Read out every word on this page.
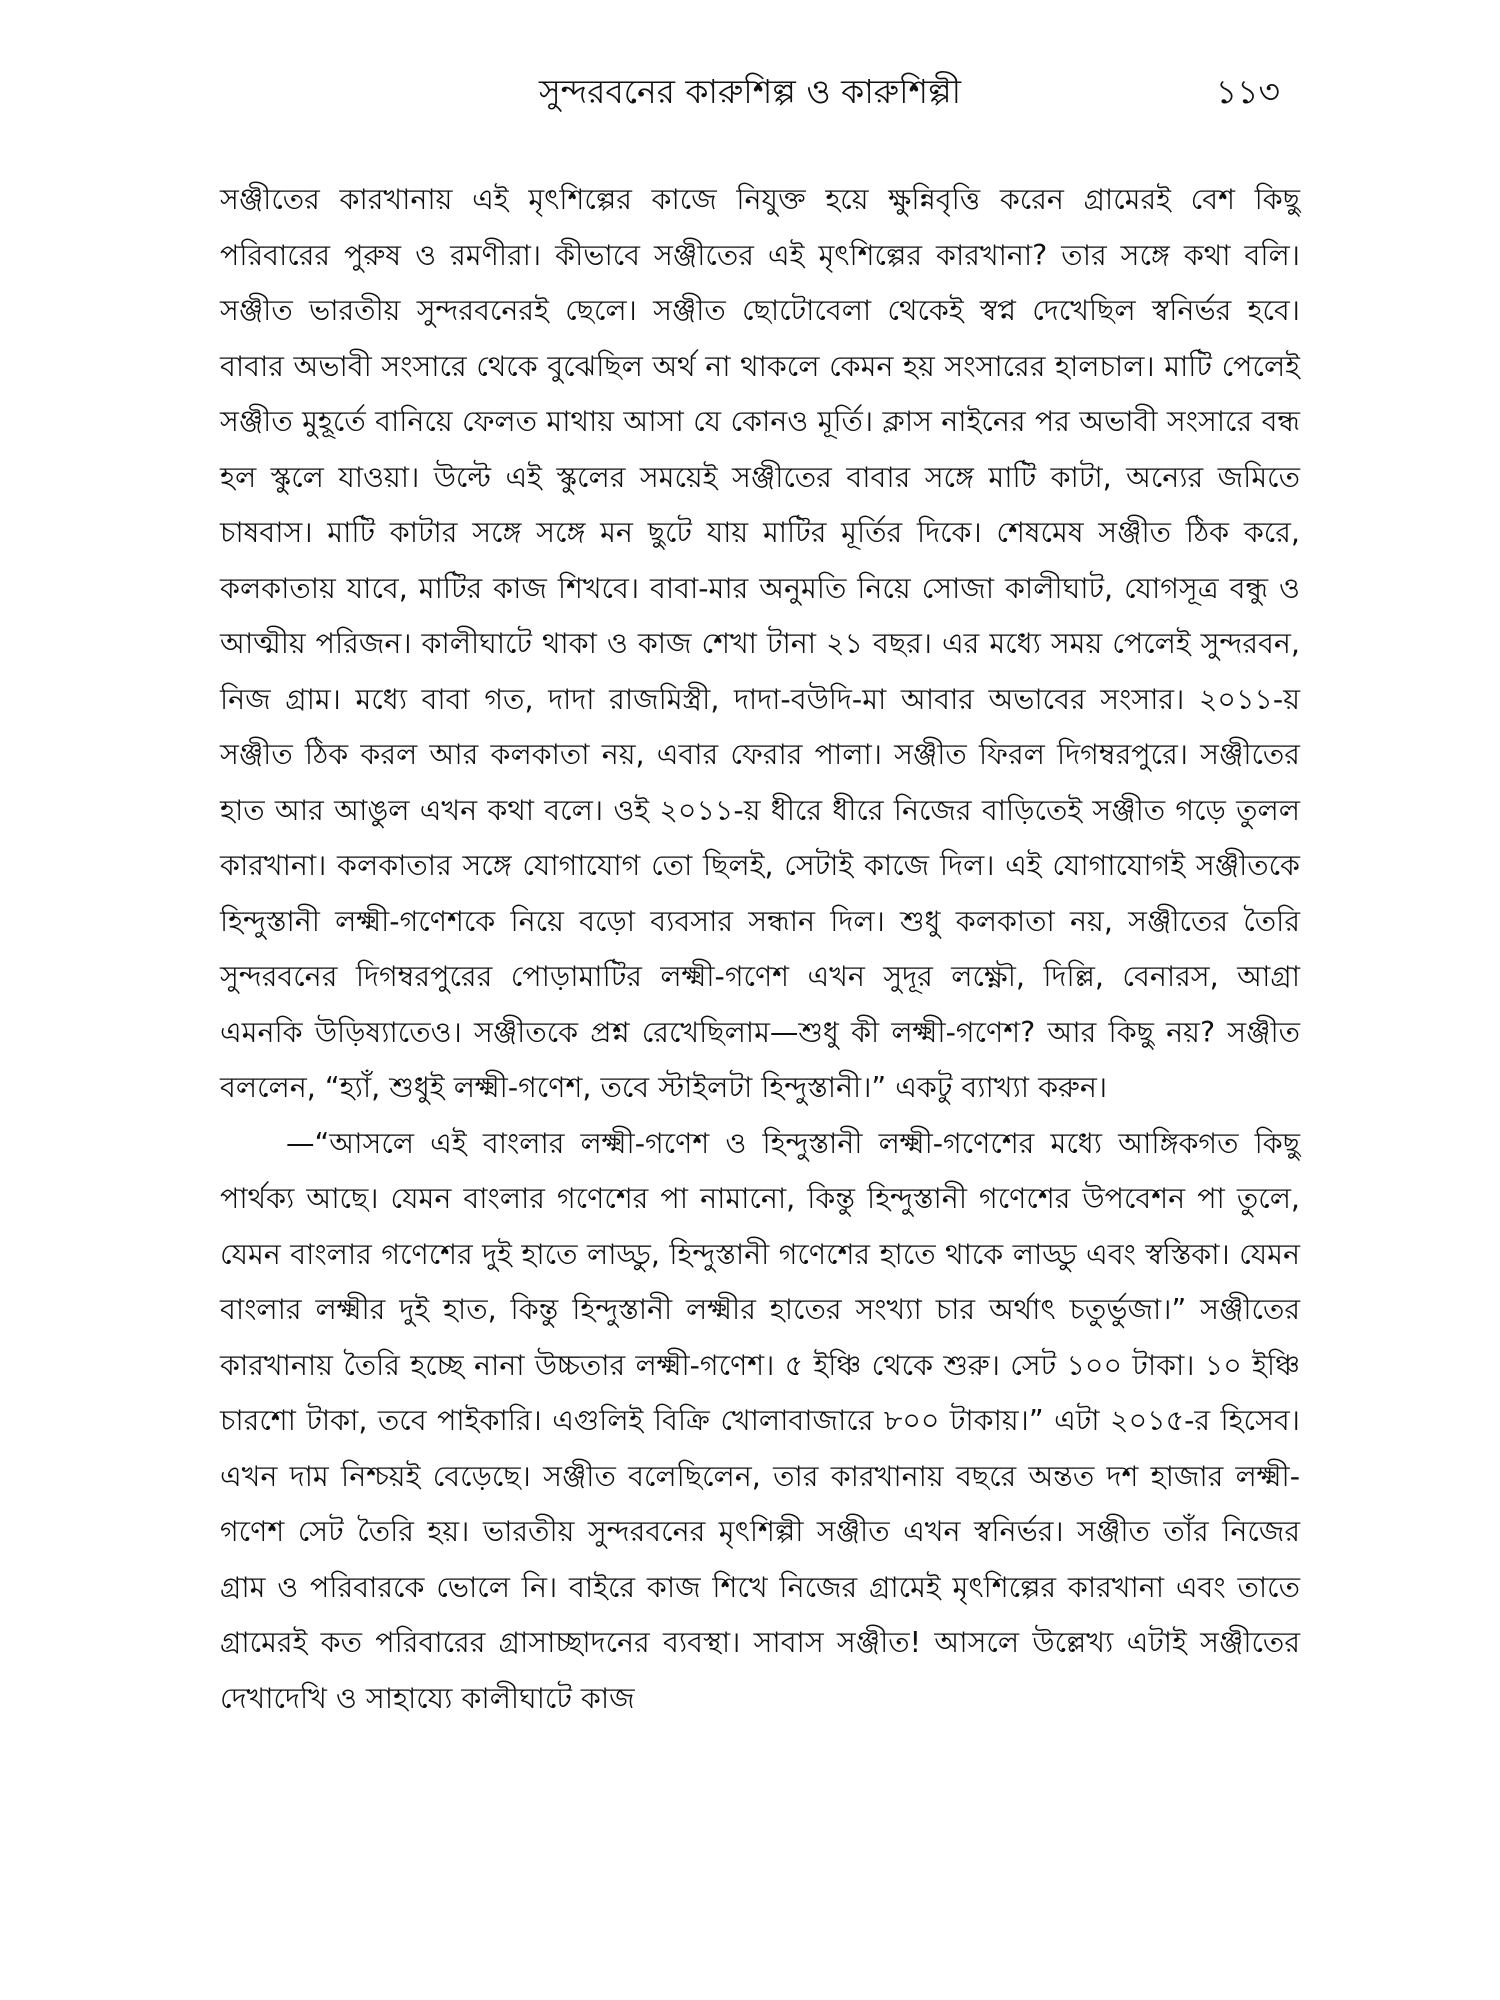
সুন্দরবনের কারুশিল্প ও কারুশিল্পী	১১৩

সঞ্জীতের কারখানায় এই মৃৎশিল্পের কাজে নিযুক্ত হয়ে ক্ষুন্নিবৃত্তি করেন গ্রামেরই বেশ কিছু পরিবারের পুরুষ ও রমণীরা। কীভাবে সঞ্জীতের এই মৃৎশিল্পের কারখানা? তার সঙ্গে কথা বলি। সঞ্জীত ভারতীয় সুন্দরবনেরই ছেলে। সঞ্জীত ছোটোবেলা থেকেই স্বপ্ন দেখেছিল স্বনির্ভর হবে। বাবার অভাবী সংসারে থেকে বুঝেছিল অর্থ না থাকলে কেমন হয় সংসারের হালচাল। মাটি পেলেই সঞ্জীত মুহূর্তে বানিয়ে ফেলত মাথায় আসা যে কোনও মূর্তি। ক্লাস নাইনের পর অভাবী সংসারে বন্ধ হল স্কুলে যাওয়া। উল্টে এই স্কুলের সময়েই সঞ্জীতের বাবার সঙ্গে মাটি কাটা, অন্যের জমিতে চাষবাস। মাটি কাটার সঙ্গে সঙ্গে মন ছুটে যায় মাটির মূর্তির দিকে। শেষমেষ সঞ্জীত ঠিক করে, কলকাতায় যাবে, মাটির কাজ শিখবে। বাবা-মার অনুমতি নিয়ে সোজা কালীঘাট, যোগসূত্র বন্ধু ও আত্মীয় পরিজন। কালীঘাটে থাকা ও কাজ শেখা টানা ২১ বছর। এর মধ্যে সময় পেলেই সুন্দরবন, নিজ গ্রাম। মধ্যে বাবা গত, দাদা রাজমিস্ত্রী, দাদা-বউদি-মা আবার অভাবের সংসার। ২০১১-য় সঞ্জীত ঠিক করল আর কলকাতা নয়, এবার ফেরার পালা। সঞ্জীত ফিরল দিগম্বরপুরে। সঞ্জীতের হাত আর আঙুল এখন কথা বলে। ওই ২০১১-য় ধীরে ধীরে নিজের বাড়িতেই সঞ্জীত গড়ে তুলল কারখানা। কলকাতার সঙ্গে যোগাযোগ তো ছিলই, সেটাই কাজে দিল। এই যোগাযোগই সঞ্জীতকে হিন্দুস্তানী লক্ষ্মী-গণেশকে নিয়ে বড়ো ব্যবসার সন্ধান দিল। শুধু কলকাতা নয়, সঞ্জীতের তৈরি সুন্দরবনের দিগম্বরপুরের পোড়ামাটির লক্ষ্মী-গণেশ এখন সুদূর লক্ষ্ণৌ, দিল্লি, বেনারস, আগ্রা এমনকি উড়িষ্যাতেও। সঞ্জীতকে প্রশ্ন রেখেছিলাম—শুধু কী লক্ষ্মী-গণেশ? আর কিছু নয়? সঞ্জীত বললেন, “হ্যাঁ, শুধুই লক্ষ্মী-গণেশ, তবে স্টাইলটা হিন্দুস্তানী।” একটু ব্যাখ্যা করুন।

—“আসলে এই বাংলার লক্ষ্মী-গণেশ ও হিন্দুস্তানী লক্ষ্মী-গণেশের মধ্যে আঙ্গিকগত কিছু পার্থক্য আছে। যেমন বাংলার গণেশের পা নামানো, কিন্তু হিন্দুস্তানী গণেশের উপবেশন পা তুলে, যেমন বাংলার গণেশের দুই হাতে লাড্ডু, হিন্দুস্তানী গণেশের হাতে থাকে লাড্ডু এবং স্বস্তিকা। যেমন বাংলার লক্ষ্মীর দুই হাত, কিন্তু হিন্দুস্তানী লক্ষ্মীর হাতের সংখ্যা চার অর্থাৎ চতুর্ভুজা।” সঞ্জীতের কারখানায় তৈরি হচ্ছে নানা উচ্চতার লক্ষ্মী-গণেশ। ৫ ইঞ্চি থেকে শুরু। সেট ১০০ টাকা। ১০ ইঞ্চি চারশো টাকা, তবে পাইকারি। এগুলিই বিক্রি খোলাবাজারে ৮০০ টাকায়।” এটা ২০১৫-র হিসেব। এখন দাম নিশ্চয়ই বেড়েছে। সঞ্জীত বলেছিলেন, তার কারখানায় বছরে অন্তত দশ হাজার লক্ষ্মী-গণেশ সেট তৈরি হয়। ভারতীয় সুন্দরবনের মৃৎশিল্পী সঞ্জীত এখন স্বনির্ভর। সঞ্জীত তাঁর নিজের গ্রাম ও পরিবারকে ভোলে নি। বাইরে কাজ শিখে নিজের গ্রামেই মৃৎশিল্পের কারখানা এবং তাতে গ্রামেরই কত পরিবারের গ্রাসাচ্ছাদনের ব্যবস্থা। সাবাস সঞ্জীত! আসলে উল্লেখ্য এটাই সঞ্জীতের দেখাদেখি ও সাহায্যে কালীঘাটে কাজ
